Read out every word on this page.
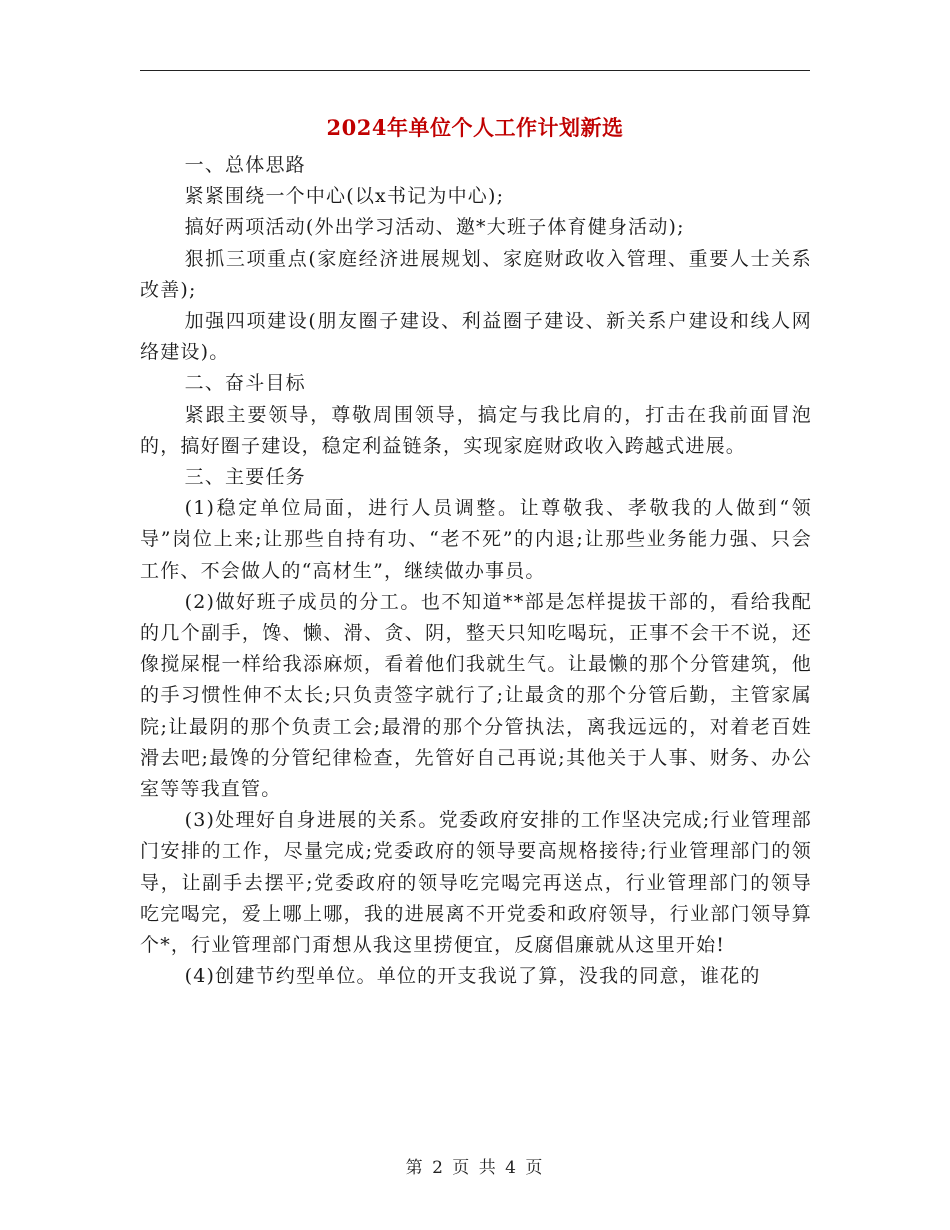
2024年单位个人工作计划新选

一、总体思路

紧紧围绕一个中心(以x书记为中心);

搞好两项活动(外出学习活动、邀*大班子体育健身活动);

狠抓三项重点(家庭经济进展规划、家庭财政收入管理、重要人士关系改善);

加强四项建设(朋友圈子建设、利益圈子建设、新关系户建设和线人网络建设)。

二、奋斗目标

紧跟主要领导，尊敬周围领导，搞定与我比肩的，打击在我前面冒泡的，搞好圈子建设，稳定利益链条，实现家庭财政收入跨越式进展。

三、主要任务

(1)稳定单位局面，进行人员调整。让尊敬我、孝敬我的人做到“领导”岗位上来;让那些自持有功、“老不死”的内退;让那些业务能力强、只会工作、不会做人的“高材生”，继续做办事员。

(2)做好班子成员的分工。也不知道**部是怎样提拔干部的，看给我配的几个副手，馋、懒、滑、贪、阴，整天只知吃喝玩，正事不会干不说，还像搅屎棍一样给我添麻烦，看着他们我就生气。让最懒的那个分管建筑，他的手习惯性伸不太长;只负责签字就行了;让最贪的那个分管后勤，主管家属院;让最阴的那个负责工会;最滑的那个分管执法，离我远远的，对着老百姓滑去吧;最馋的分管纪律检查，先管好自己再说;其他关于人事、财务、办公室等等我直管。

(3)处理好自身进展的关系。党委政府安排的工作坚决完成;行业管理部门安排的工作，尽量完成;党委政府的领导要高规格接待;行业管理部门的领导，让副手去摆平;党委政府的领导吃完喝完再送点，行业管理部门的领导吃完喝完，爱上哪上哪，我的进展离不开党委和政府领导，行业部门领导算个*，行业管理部门甭想从我这里捞便宜，反腐倡廉就从这里开始!

(4)创建节约型单位。单位的开支我说了算，没我的同意，谁花的

第 2 页 共 4 页
